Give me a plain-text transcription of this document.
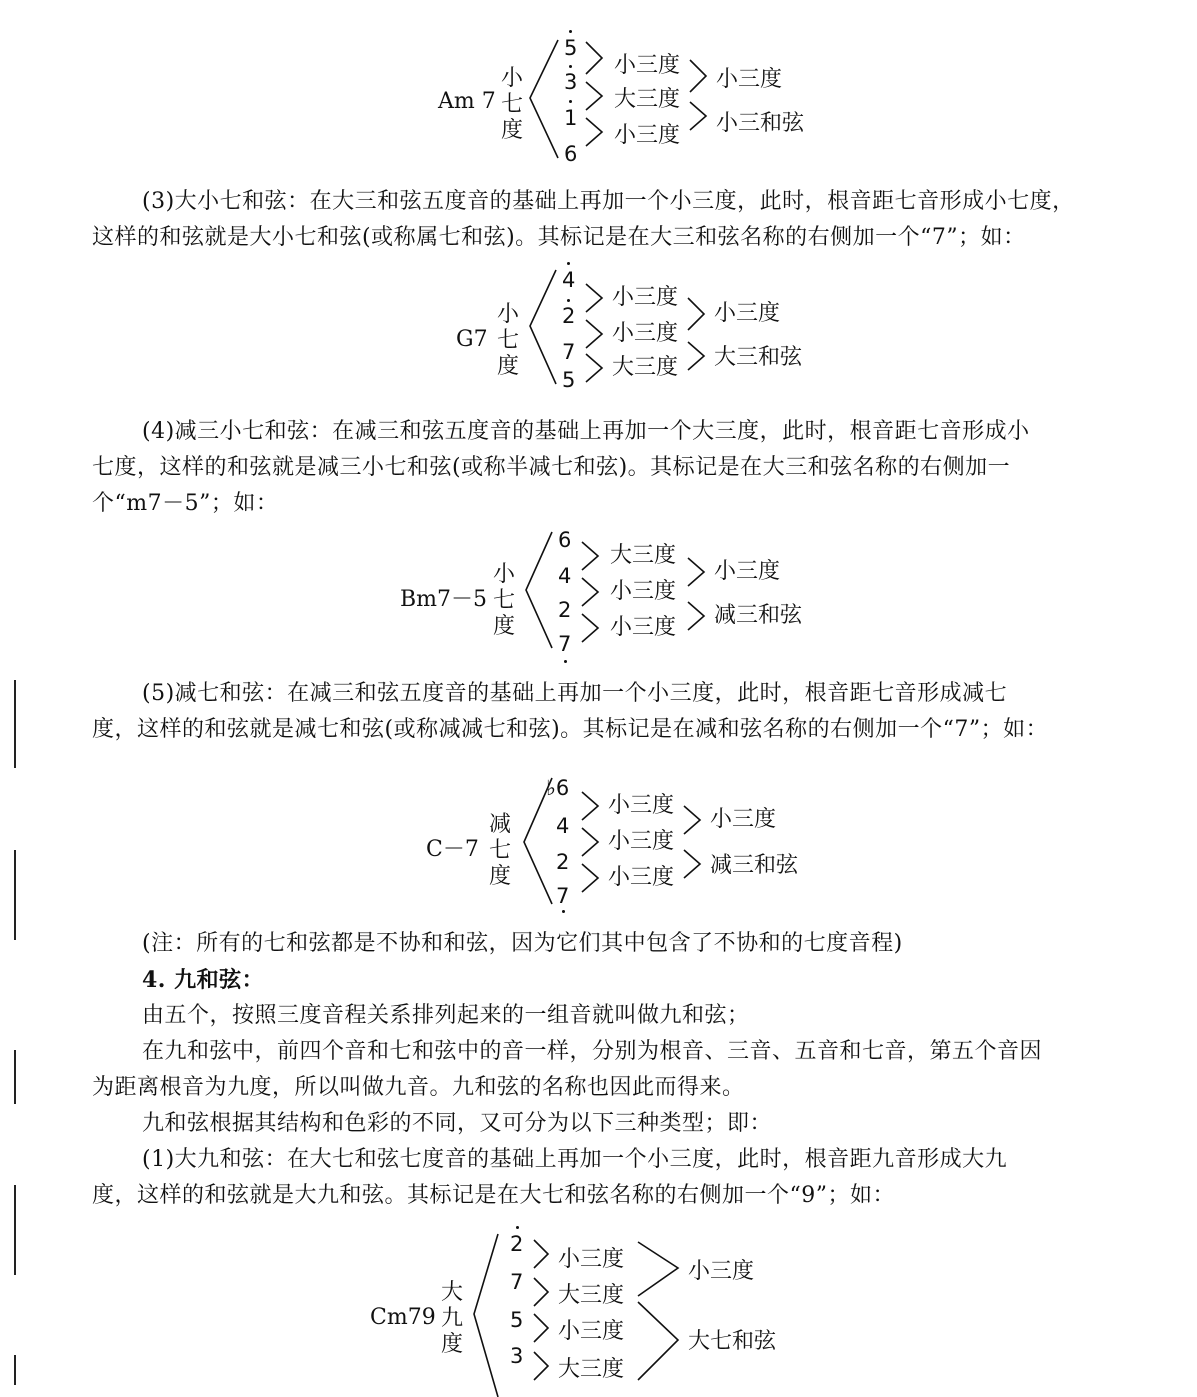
Am 7
小
七
度
5
3
1
6
小三度
大三度
小三度
小三度
小三和弦

(3)大小七和弦：在大三和弦五度音的基础上再加一个小三度，此时，根音距七音形成小七度，

这样的和弦就是大小七和弦(或称属七和弦)。其标记是在大三和弦名称的右侧加一个“7”；如：

G7
小
七
度
4
2
7
5
小三度
小三度
大三度
小三度
大三和弦

(4)减三小七和弦：在减三和弦五度音的基础上再加一个大三度，此时，根音距七音形成小

七度，这样的和弦就是减三小七和弦(或称半减七和弦)。其标记是在大三和弦名称的右侧加一

个“m7－5”；如：

Bm7－5
小
七
度
6
4
2
7
大三度
小三度
小三度
小三度
减三和弦

(5)减七和弦：在减三和弦五度音的基础上再加一个小三度，此时，根音距七音形成减七

度，这样的和弦就是减七和弦(或称减减七和弦)。其标记是在减和弦名称的右侧加一个“7”；如：

C－7
减
七
度
♭6
4
2
7
小三度
小三度
小三度
小三度
减三和弦

(注：所有的七和弦都是不协和和弦，因为它们其中包含了不协和的七度音程)

4. 九和弦：

由五个，按照三度音程关系排列起来的一组音就叫做九和弦；

在九和弦中，前四个音和七和弦中的音一样，分别为根音、三音、五音和七音，第五个音因

为距离根音为九度，所以叫做九音。九和弦的名称也因此而得来。

九和弦根据其结构和色彩的不同，又可分为以下三种类型；即：

(1)大九和弦：在大七和弦七度音的基础上再加一个小三度，此时，根音距九音形成大九

度，这样的和弦就是大九和弦。其标记是在大七和弦名称的右侧加一个“9”；如：

Cm79
大
九
度
2
7
5
3
小三度
大三度
小三度
大三度
小三度
大七和弦
